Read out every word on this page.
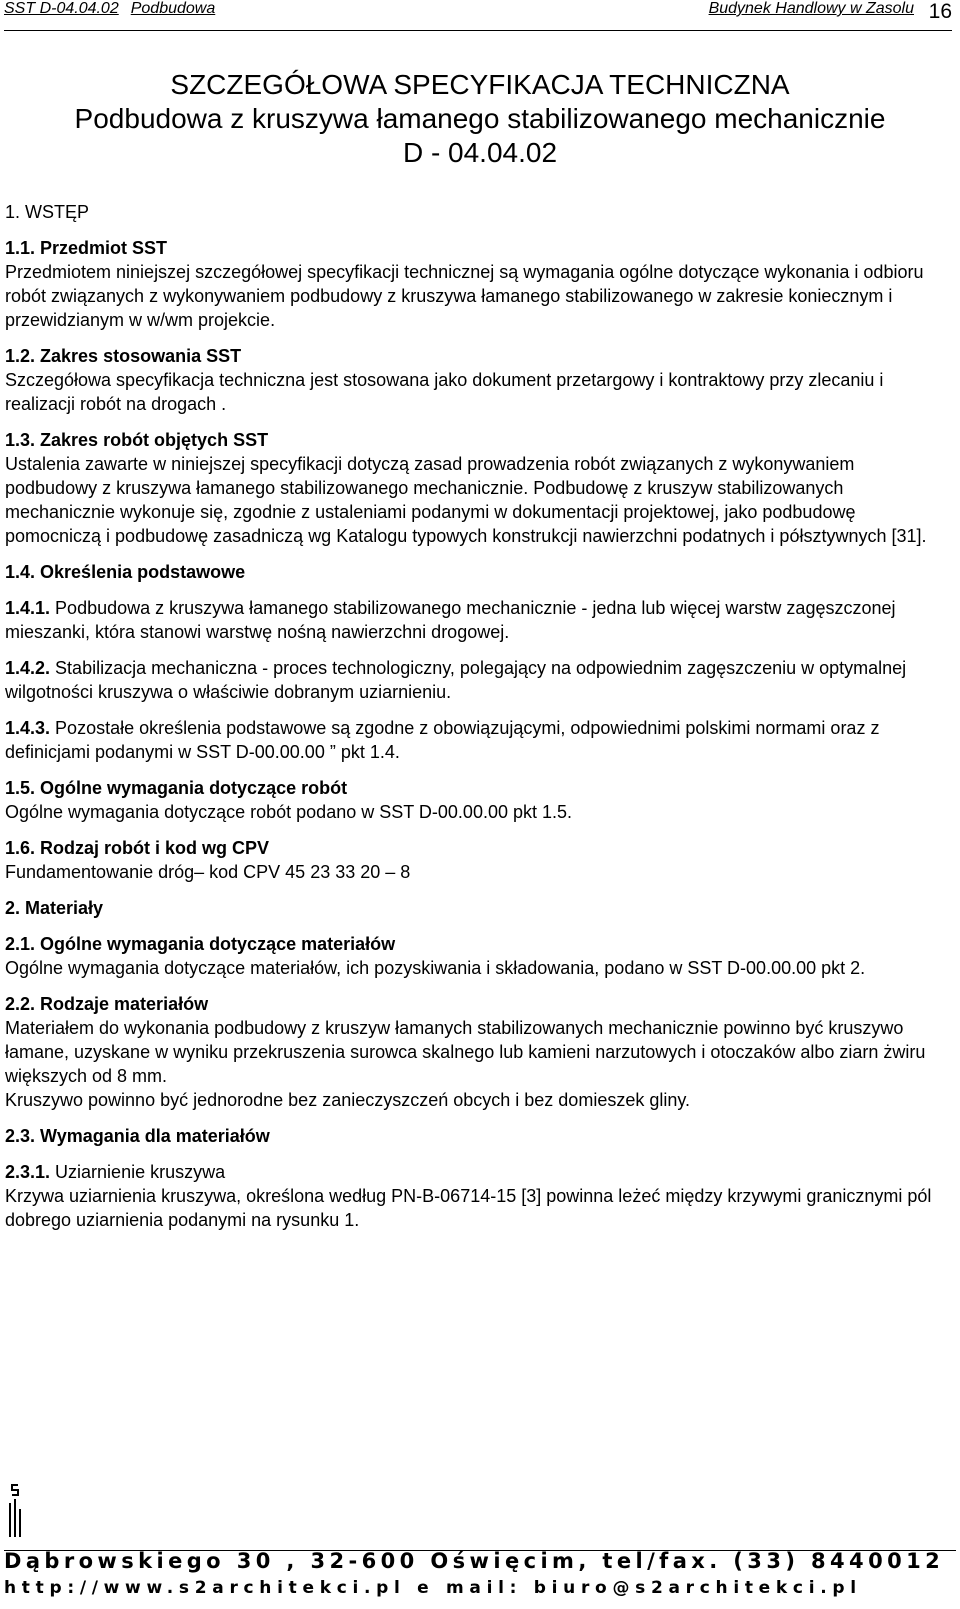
SST D-04.04.02 Podbudowa	Budynek Handlowy w Zasolu 16
SZCZEGÓŁOWA SPECYFIKACJA TECHNICZNA
Podbudowa z kruszywa łamanego stabilizowanego mechanicznie
D - 04.04.02

1. WSTĘP

1.1. Przedmiot SST

Przedmiotem niniejszej szczegółowej specyfikacji technicznej są wymagania ogólne dotyczące wykonania i odbioru robót związanych z wykonywaniem podbudowy z kruszywa łamanego stabilizowanego w zakresie koniecznym i przewidzianym w w/wm projekcie.

1.2. Zakres stosowania SST

Szczegółowa specyfikacja techniczna jest stosowana jako dokument przetargowy i kontraktowy przy zlecaniu i realizacji robót na drogach .

1.3. Zakres robót objętych SST

Ustalenia zawarte w niniejszej specyfikacji dotyczą zasad prowadzenia robót związanych z wykonywaniem podbudowy z kruszywa łamanego stabilizowanego mechanicznie. Podbudowę z kruszyw stabilizowanych mechanicznie wykonuje się, zgodnie z ustaleniami podanymi w dokumentacji projektowej, jako podbudowę pomocniczą i podbudowę zasadniczą wg Katalogu typowych konstrukcji nawierzchni podatnych i półsztywnych [31].

1.4. Określenia podstawowe

1.4.1. Podbudowa z kruszywa łamanego stabilizowanego mechanicznie - jedna lub więcej warstw zagęszczonej mieszanki, która stanowi warstwę nośną nawierzchni drogowej.

1.4.2. Stabilizacja mechaniczna - proces technologiczny, polegający na odpowiednim zagęszczeniu w optymalnej wilgotności kruszywa o właściwie dobranym uziarnieniu.

1.4.3. Pozostałe określenia podstawowe są zgodne z obowiązującymi, odpowiednimi polskimi normami oraz z definicjami podanymi w SST D-00.00.00 ” pkt 1.4.

1.5. Ogólne wymagania dotyczące robót

Ogólne wymagania dotyczące robót podano w SST D-00.00.00 pkt 1.5.

1.6. Rodzaj robót i kod wg CPV

Fundamentowanie dróg– kod CPV 45 23 33 20 – 8

2. Materiały

2.1. Ogólne wymagania dotyczące materiałów

Ogólne wymagania dotyczące materiałów, ich pozyskiwania i składowania, podano w SST D-00.00.00 pkt 2.

2.2. Rodzaje materiałów

Materiałem do wykonania podbudowy z kruszyw łamanych stabilizowanych mechanicznie powinno być kruszywo łamane, uzyskane w wyniku przekruszenia surowca skalnego lub kamieni narzutowych i otoczaków albo ziarn żwiru większych od 8 mm.

Kruszywo powinno być jednorodne bez zanieczyszczeń obcych i bez domieszek gliny.

2.3. Wymagania dla materiałów

2.3.1. Uziarnienie kruszywa

Krzywa uziarnienia kruszywa, określona według PN-B-06714-15 [3] powinna leżeć między krzywymi granicznymi pól dobrego uziarnienia podanymi na rysunku 1.

Dąbrowskiego 30 , 32-600 Oświęcim, tel/fax. (33) 8440012
http://www.s2architekci.pl e mail: biuro@s2architekci.pl
